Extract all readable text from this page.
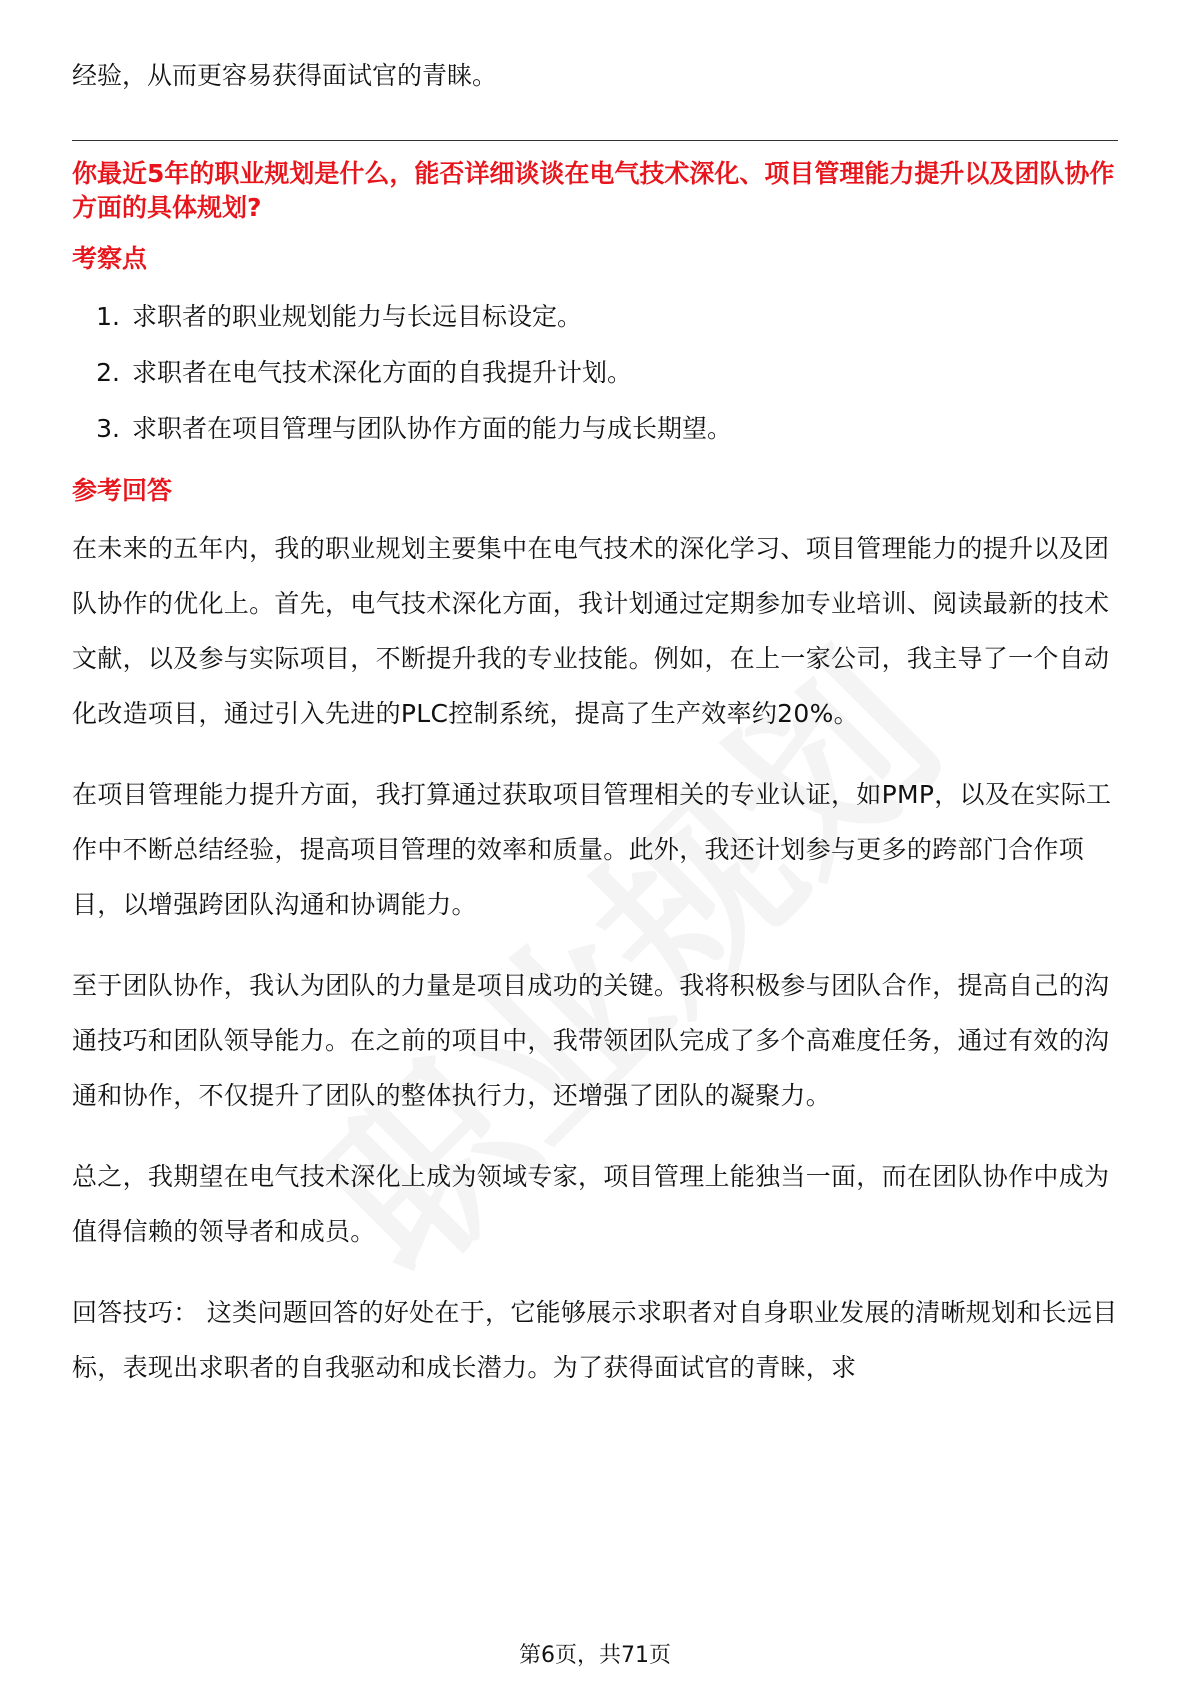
经验，从而更容易获得面试官的青睐。

你最近5年的职业规划是什么，能否详细谈谈在电气技术深化、项目管理能力提升以及团队协作方面的具体规划?

考察点
1. 求职者的职业规划能力与长远目标设定。
2. 求职者在电气技术深化方面的自我提升计划。
3. 求职者在项目管理与团队协作方面的能力与成长期望。
参考回答

在未来的五年内，我的职业规划主要集中在电气技术的深化学习、项目管理能力的提升以及团队协作的优化上。首先，电气技术深化方面，我计划通过定期参加专业培训、阅读最新的技术文献，以及参与实际项目，不断提升我的专业技能。例如，在上一家公司，我主导了一个自动化改造项目，通过引入先进的PLC控制系统，提高了生产效率约20%。

在项目管理能力提升方面，我打算通过获取项目管理相关的专业认证，如PMP，以及在实际工作中不断总结经验，提高项目管理的效率和质量。此外，我还计划参与更多的跨部门合作项目，以增强跨团队沟通和协调能力。

至于团队协作，我认为团队的力量是项目成功的关键。我将积极参与团队合作，提高自己的沟通技巧和团队领导能力。在之前的项目中，我带领团队完成了多个高难度任务，通过有效的沟通和协作，不仅提升了团队的整体执行力，还增强了团队的凝聚力。

总之，我期望在电气技术深化上成为领域专家，项目管理上能独当一面，而在团队协作中成为值得信赖的领导者和成员。

回答技巧： 这类问题回答的好处在于，它能够展示求职者对自身职业发展的清晰规划和长远目标，表现出求职者的自我驱动和成长潜力。为了获得面试官的青睐，求

第6页，共71页
